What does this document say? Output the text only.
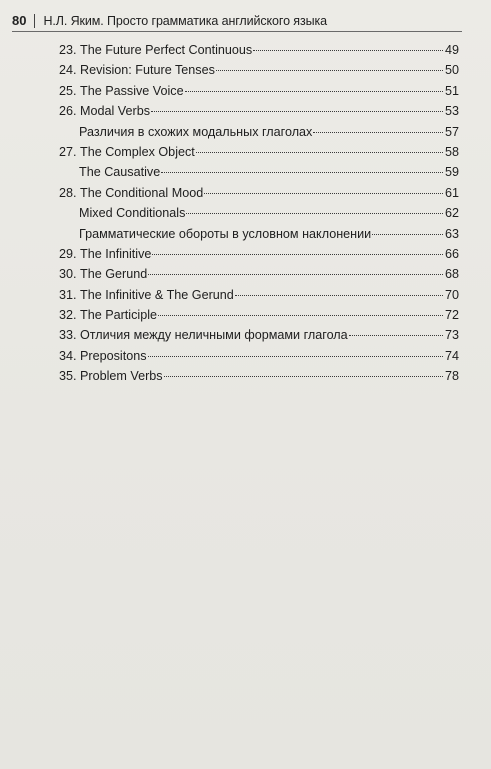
80 Н.Л. Яким. Просто грамматика английского языка
23. The Future Perfect Continuous	49
24. Revision: Future Tenses	50
25. The Passive Voice	51
26. Modal Verbs	53
Различия в схожих модальных глаголах	57
27. The Complex Object	58
The Causative	59
28. The Conditional Mood	61
Mixed Conditionals	62
Грамматические обороты в условном наклонении	63
29. The Infinitive	66
30. The Gerund	68
31. The Infinitive & The Gerund	70
32. The Participle	72
33. Отличия между неличными формами глагола	73
34. Prepositons	74
35. Problem Verbs	78
